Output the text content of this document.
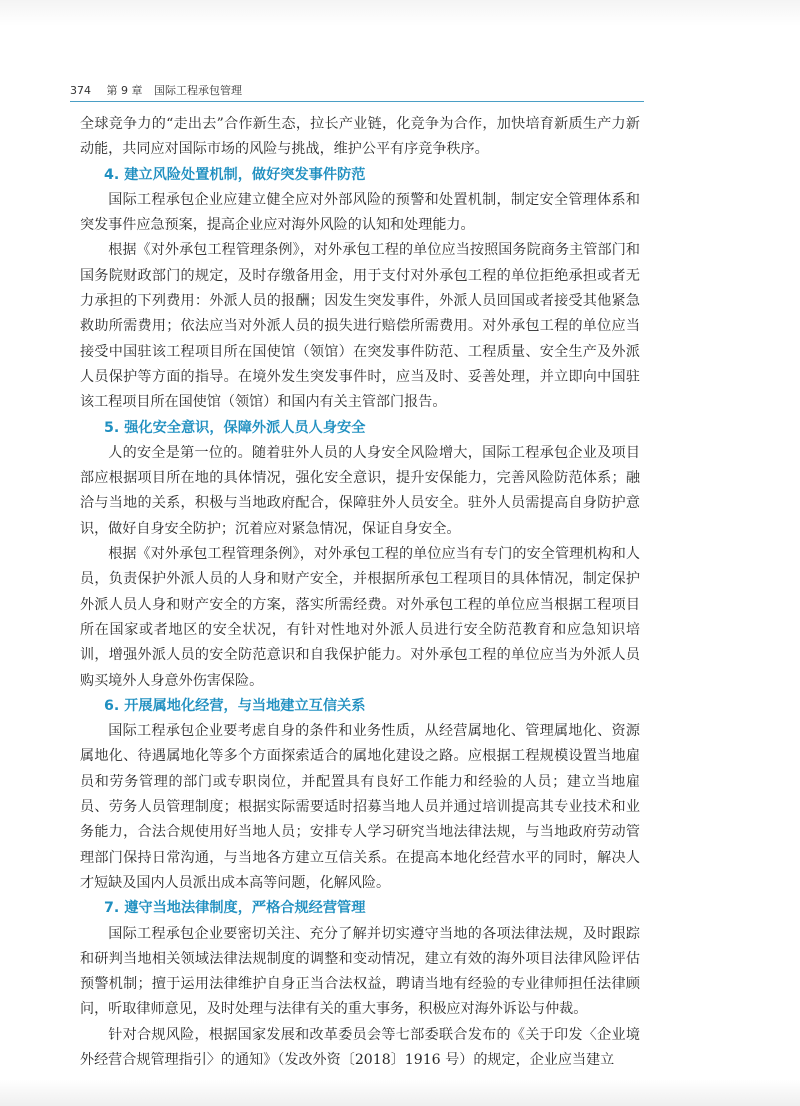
374 第 9 章 国际工程承包管理

全球竞争力的“走出去”合作新生态，拉长产业链，化竞争为合作，加快培育新质生产力新动能，共同应对国际市场的风险与挑战，维护公平有序竞争秩序。

4. 建立风险处置机制，做好突发事件防范

国际工程承包企业应建立健全应对外部风险的预警和处置机制，制定安全管理体系和突发事件应急预案，提高企业应对海外风险的认知和处理能力。

根据《对外承包工程管理条例》，对外承包工程的单位应当按照国务院商务主管部门和国务院财政部门的规定，及时存缴备用金，用于支付对外承包工程的单位拒绝承担或者无力承担的下列费用：外派人员的报酬；因发生突发事件，外派人员回国或者接受其他紧急救助所需费用；依法应当对外派人员的损失进行赔偿所需费用。对外承包工程的单位应当接受中国驻该工程项目所在国使馆（领馆）在突发事件防范、工程质量、安全生产及外派人员保护等方面的指导。在境外发生突发事件时，应当及时、妥善处理，并立即向中国驻该工程项目所在国使馆（领馆）和国内有关主管部门报告。

5. 强化安全意识，保障外派人员人身安全

人的安全是第一位的。随着驻外人员的人身安全风险增大，国际工程承包企业及项目部应根据项目所在地的具体情况，强化安全意识，提升安保能力，完善风险防范体系；融洽与当地的关系，积极与当地政府配合，保障驻外人员安全。驻外人员需提高自身防护意识，做好自身安全防护；沉着应对紧急情况，保证自身安全。

根据《对外承包工程管理条例》，对外承包工程的单位应当有专门的安全管理机构和人员，负责保护外派人员的人身和财产安全，并根据所承包工程项目的具体情况，制定保护外派人员人身和财产安全的方案，落实所需经费。对外承包工程的单位应当根据工程项目所在国家或者地区的安全状况，有针对性地对外派人员进行安全防范教育和应急知识培训，增强外派人员的安全防范意识和自我保护能力。对外承包工程的单位应当为外派人员购买境外人身意外伤害保险。

6. 开展属地化经营，与当地建立互信关系

国际工程承包企业要考虑自身的条件和业务性质，从经营属地化、管理属地化、资源属地化、待遇属地化等多个方面探索适合的属地化建设之路。应根据工程规模设置当地雇员和劳务管理的部门或专职岗位，并配置具有良好工作能力和经验的人员；建立当地雇员、劳务人员管理制度；根据实际需要适时招募当地人员并通过培训提高其专业技术和业务能力，合法合规使用好当地人员；安排专人学习研究当地法律法规，与当地政府劳动管理部门保持日常沟通，与当地各方建立互信关系。在提高本地化经营水平的同时，解决人才短缺及国内人员派出成本高等问题，化解风险。

7. 遵守当地法律制度，严格合规经营管理

国际工程承包企业要密切关注、充分了解并切实遵守当地的各项法律法规，及时跟踪和研判当地相关领域法律法规制度的调整和变动情况，建立有效的海外项目法律风险评估预警机制；擅于运用法律维护自身正当合法权益，聘请当地有经验的专业律师担任法律顾问，听取律师意见，及时处理与法律有关的重大事务，积极应对海外诉讼与仲裁。

针对合规风险，根据国家发展和改革委员会等七部委联合发布的《关于印发〈企业境外经营合规管理指引〉的通知》（发改外资〔2018〕1916 号）的规定，企业应当建立
